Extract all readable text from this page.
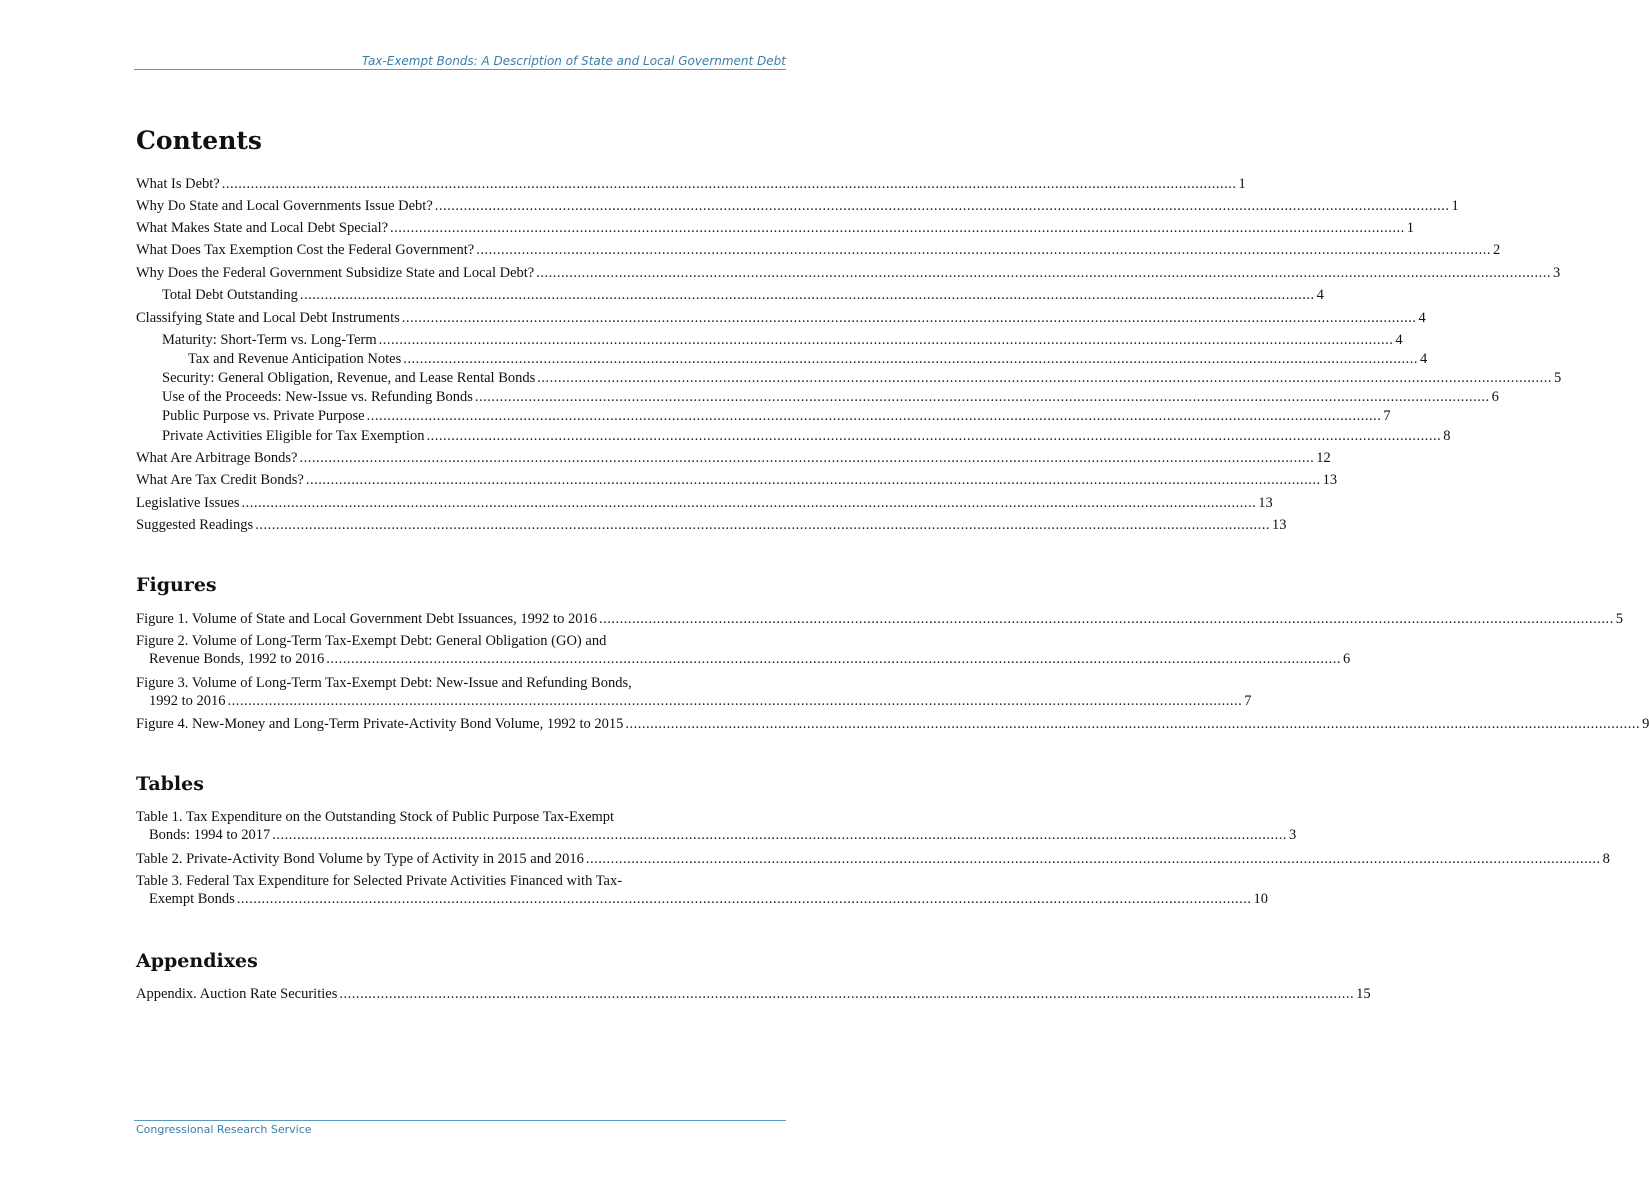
Tax-Exempt Bonds: A Description of State and Local Government Debt
Contents
What Is Debt? ...................................................................................................................................................................................................................................................... 1
Why Do State and Local Governments Issue Debt? ...................................................................................................................................................................................................................................................... 1
What Makes State and Local Debt Special? ...................................................................................................................................................................................................................................................... 1
What Does Tax Exemption Cost the Federal Government? ...................................................................................................................................................................................................................................................... 2
Why Does the Federal Government Subsidize State and Local Debt? ...................................................................................................................................................................................................................................................... 3
Total Debt Outstanding ...................................................................................................................................................................................................................................................... 4
Classifying State and Local Debt Instruments ...................................................................................................................................................................................................................................................... 4
Maturity: Short-Term vs. Long-Term ...................................................................................................................................................................................................................................................... 4
Tax and Revenue Anticipation Notes ...................................................................................................................................................................................................................................................... 4
Security: General Obligation, Revenue, and Lease Rental Bonds ...................................................................................................................................................................................................................................................... 5
Use of the Proceeds: New-Issue vs. Refunding Bonds ...................................................................................................................................................................................................................................................... 6
Public Purpose vs. Private Purpose ...................................................................................................................................................................................................................................................... 7
Private Activities Eligible for Tax Exemption ...................................................................................................................................................................................................................................................... 8
What Are Arbitrage Bonds? ...................................................................................................................................................................................................................................................... 12
What Are Tax Credit Bonds? ...................................................................................................................................................................................................................................................... 13
Legislative Issues ...................................................................................................................................................................................................................................................... 13
Suggested Readings ...................................................................................................................................................................................................................................................... 13
Figures
Figure 1. Volume of State and Local Government Debt Issuances, 1992 to 2016 ...................................................................................................................................................................................................................................................... 5
Figure 2. Volume of Long-Term Tax-Exempt Debt: General Obligation (GO) and
Revenue Bonds, 1992 to 2016 ...................................................................................................................................................................................................................................................... 6
Figure 3. Volume of Long-Term Tax-Exempt Debt: New-Issue and Refunding Bonds,
1992 to 2016 ...................................................................................................................................................................................................................................................... 7
Figure 4. New-Money and Long-Term Private-Activity Bond Volume, 1992 to 2015 ...................................................................................................................................................................................................................................................... 9
Tables
Table 1. Tax Expenditure on the Outstanding Stock of Public Purpose Tax-Exempt
Bonds: 1994 to 2017 ...................................................................................................................................................................................................................................................... 3
Table 2. Private-Activity Bond Volume by Type of Activity in 2015 and 2016 ...................................................................................................................................................................................................................................................... 8
Table 3. Federal Tax Expenditure for Selected Private Activities Financed with Tax-
Exempt Bonds ...................................................................................................................................................................................................................................................... 10
Appendixes
Appendix. Auction Rate Securities ...................................................................................................................................................................................................................................................... 15
Congressional Research Service
